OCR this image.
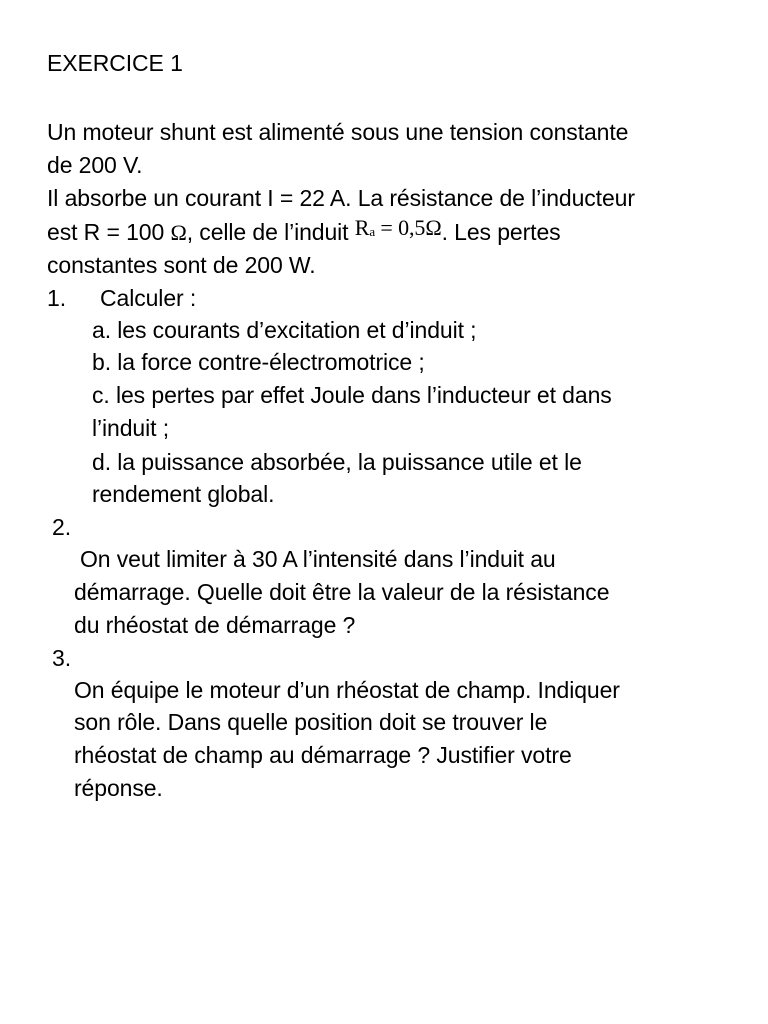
EXERCICE 1
Un moteur shunt est alimenté sous une tension constante
de 200 V.
Il absorbe un courant I = 22 A. La résistance de l’inducteur
est R = 100 Ω, celle de l’induit Ra = 0,5Ω. Les pertes
constantes sont de 200 W.
1. Calculer :
a. les courants d’excitation et d’induit ;
b. la force contre-électromotrice ;
c. les pertes par effet Joule dans l’inducteur et dans
l’induit ;
d. la puissance absorbée, la puissance utile et le
rendement global.
2.
On veut limiter à 30 A l’intensité dans l’induit au
démarrage. Quelle doit être la valeur de la résistance
du rhéostat de démarrage ?
3.
On équipe le moteur d’un rhéostat de champ. Indiquer
son rôle. Dans quelle position doit se trouver le
rhéostat de champ au démarrage ? Justifier votre
réponse.
